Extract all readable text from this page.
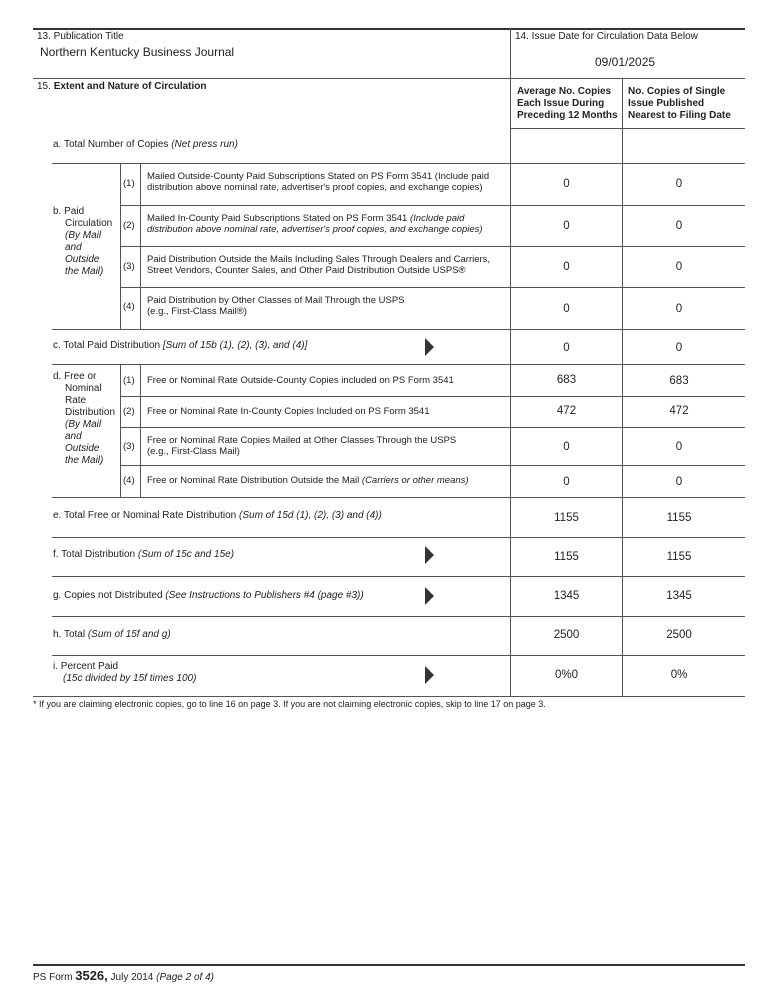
13. Publication Title
Northern Kentucky Business Journal
14. Issue Date for Circulation Data Below
09/01/2025
15. Extent and Nature of Circulation	Average No. Copies
Each Issue During
Preceding 12 Months
No. Copies of Single
Issue Published
Nearest to Filing Date
a. Total Number of Copies (Net press run)
b. Paid
Circulation
(By Mail
and
Outside
the Mail)
(1)
Mailed Outside-County Paid Subscriptions Stated on PS Form 3541 (Include paid
distribution above nominal rate, advertiser's proof copies, and exchange copies)	0	0
(2)
Mailed In-County Paid Subscriptions Stated on PS Form 3541 (Include paid
distribution above nominal rate, advertiser's proof copies, and exchange copies)	0	0
(3)
Paid Distribution Outside the Mails Including Sales Through Dealers and Carriers,
Street Vendors, Counter Sales, and Other Paid Distribution Outside USPS®	0	0
(4)
Paid Distribution by Other Classes of Mail Through the USPS
(e.g., First-Class Mail®)	0	0
c. Total Paid Distribution [Sum of 15b (1), (2), (3), and (4)]	0	0
d. Free or
Nominal
Rate
Distribution
(By Mail
and
Outside
the Mail)
(1) Free or Nominal Rate Outside-County Copies included on PS Form 3541	683	683
(2) Free or Nominal Rate In-County Copies Included on PS Form 3541	472	472
(3)
Free or Nominal Rate Copies Mailed at Other Classes Through the USPS
(e.g., First-Class Mail)	0	0
(4) Free or Nominal Rate Distribution Outside the Mail (Carriers or other means)	0	0
e. Total Free or Nominal Rate Distribution (Sum of 15d (1), (2), (3) and (4))	1155	1155
f. Total Distribution (Sum of 15c and 15e)	1155	1155
g. Copies not Distributed (See Instructions to Publishers #4 (page #3))	1345	1345
h. Total (Sum of 15f and g)	2500	2500
i. Percent Paid
(15c divided by 15f times 100)	0%0	0%
* If you are claiming electronic copies, go to line 16 on page 3. If you are not claiming electronic copies, skip to line 17 on page 3.
PS Form 3526, July 2014 (Page 2 of 4)
